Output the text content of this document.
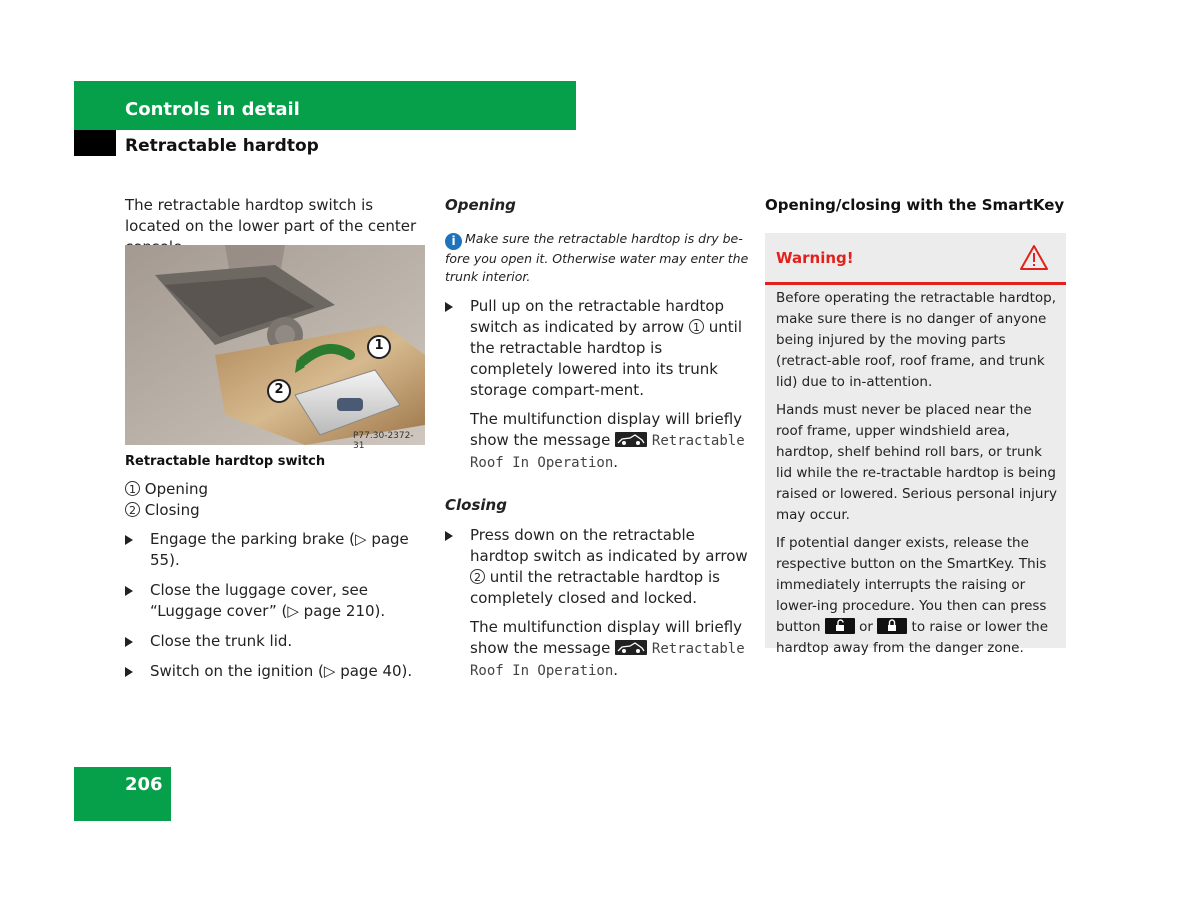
Controls in detail
Retractable hardtop
The retractable hardtop switch is located on the lower part of the center
1
2
P77.30-2372-31
Retractable hardtop switch
1 Opening
2 Closing
Engage the parking brake (▷ page 55).
Close the luggage cover, see “Luggage cover” (▷ page 210).
Close the trunk lid.
Switch on the ignition (▷ page 40).
Opening
i Make sure the retractable hardtop is dry be-fore you open it. Otherwise water may enter the trunk interior.
Pull up on the retractable hardtop switch as indicated by arrow 1 until the retractable hardtop is completely lowered into its trunk storage compart-ment.
The multifunction display will briefly show the message	Retractable Roof In Operation.
Closing
Press down on the retractable hardtop switch as indicated by arrow 2 until the retractable hardtop is completely closed and locked.
The multifunction display will briefly show the message	Retractable Roof In Operation.
Opening/closing with the SmartKey
Warning!
Before operating the retractable hardtop, make sure there is no danger of anyone being injured by the moving parts (retract-able roof, roof frame, and trunk lid) due to in-attention.
Hands must never be placed near the roof frame, upper windshield area, hardtop, shelf behind roll bars, or trunk lid while the re-tractable hardtop is being raised or lowered. Serious personal injury may occur.
If potential danger exists, release the respective button on the SmartKey. This immediately interrupts the raising or lower-ing procedure. You then can press button	or	to raise or lower the hardtop away from the danger zone.
206
